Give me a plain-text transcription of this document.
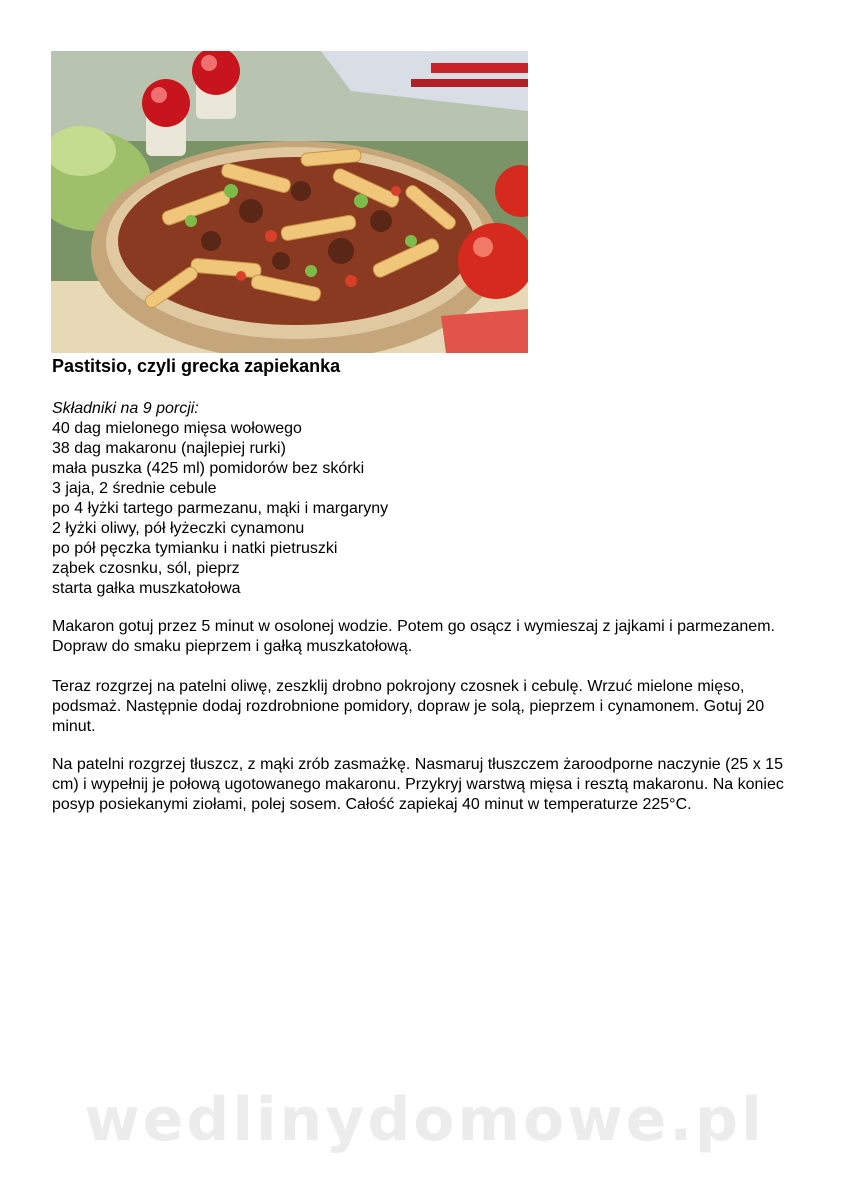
Pastitsio, czyli grecka zapiekanka
Składniki na 9 porcji:
40 dag mielonego mięsa wołowego
38 dag makaronu (najlepiej rurki)
mała puszka (425 ml) pomidorów bez skórki
3 jaja, 2 średnie cebule
po 4 łyżki tartego parmezanu, mąki i margaryny
2 łyżki oliwy, pół łyżeczki cynamonu
po pół pęczka tymianku i natki pietruszki
ząbek czosnku, sól, pieprz
starta gałka muszkatołowa
Makaron gotuj przez 5 minut w osolonej wodzie. Potem go osącz i wymieszaj z jajkami i parmezanem. Dopraw do smaku pieprzem i gałką muszkatołową.
Teraz rozgrzej na patelni oliwę, zeszklij drobno pokrojony czosnek i cebulę. Wrzuć mielone mięso, podsmaż. Następnie dodaj rozdrobnione pomidory, dopraw je solą, pieprzem i cynamonem. Gotuj 20 minut.
Na patelni rozgrzej tłuszcz, z mąki zrób zasmażkę. Nasmaruj tłuszczem żaroodporne naczynie (25 x 15 cm) i wypełnij je połową ugotowanego makaronu. Przykryj warstwą mięsa i resztą makaronu. Na koniec posyp posiekanymi ziołami, polej sosem. Całość zapiekaj 40 minut w temperaturze 225°C.
wedlinydomowe.pl
